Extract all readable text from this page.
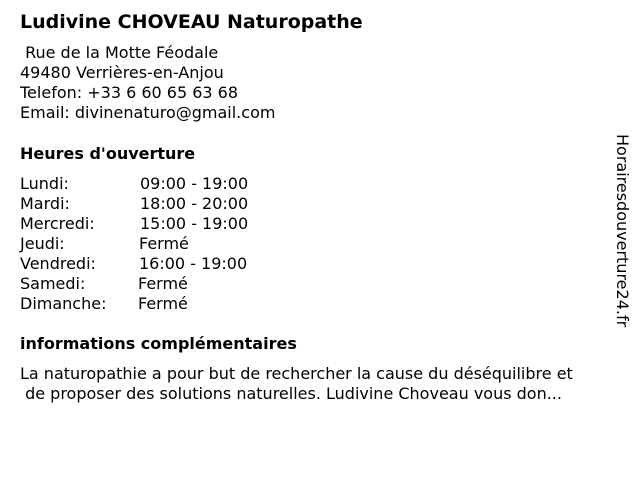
Ludivine CHOVEAU Naturopathe
Rue de la Motte Féodale
49480 Verrières-en-Anjou
Telefon: +33 6 60 65 63 68
Email: divinenaturo@gmail.com
Heures d'ouverture
Lundi:	09:00 - 19:00
Mardi:	18:00 - 20:00
Mercredi:	15:00 - 19:00
Jeudi:	Fermé
Vendredi:	16:00 - 19:00
Samedi:	Fermé
Dimanche: Fermé
informations complémentaires
La naturopathie a pour but de rechercher la cause du déséquilibre et
de proposer des solutions naturelles. Ludivine Choveau vous don...
Horairesdouverture24.fr
